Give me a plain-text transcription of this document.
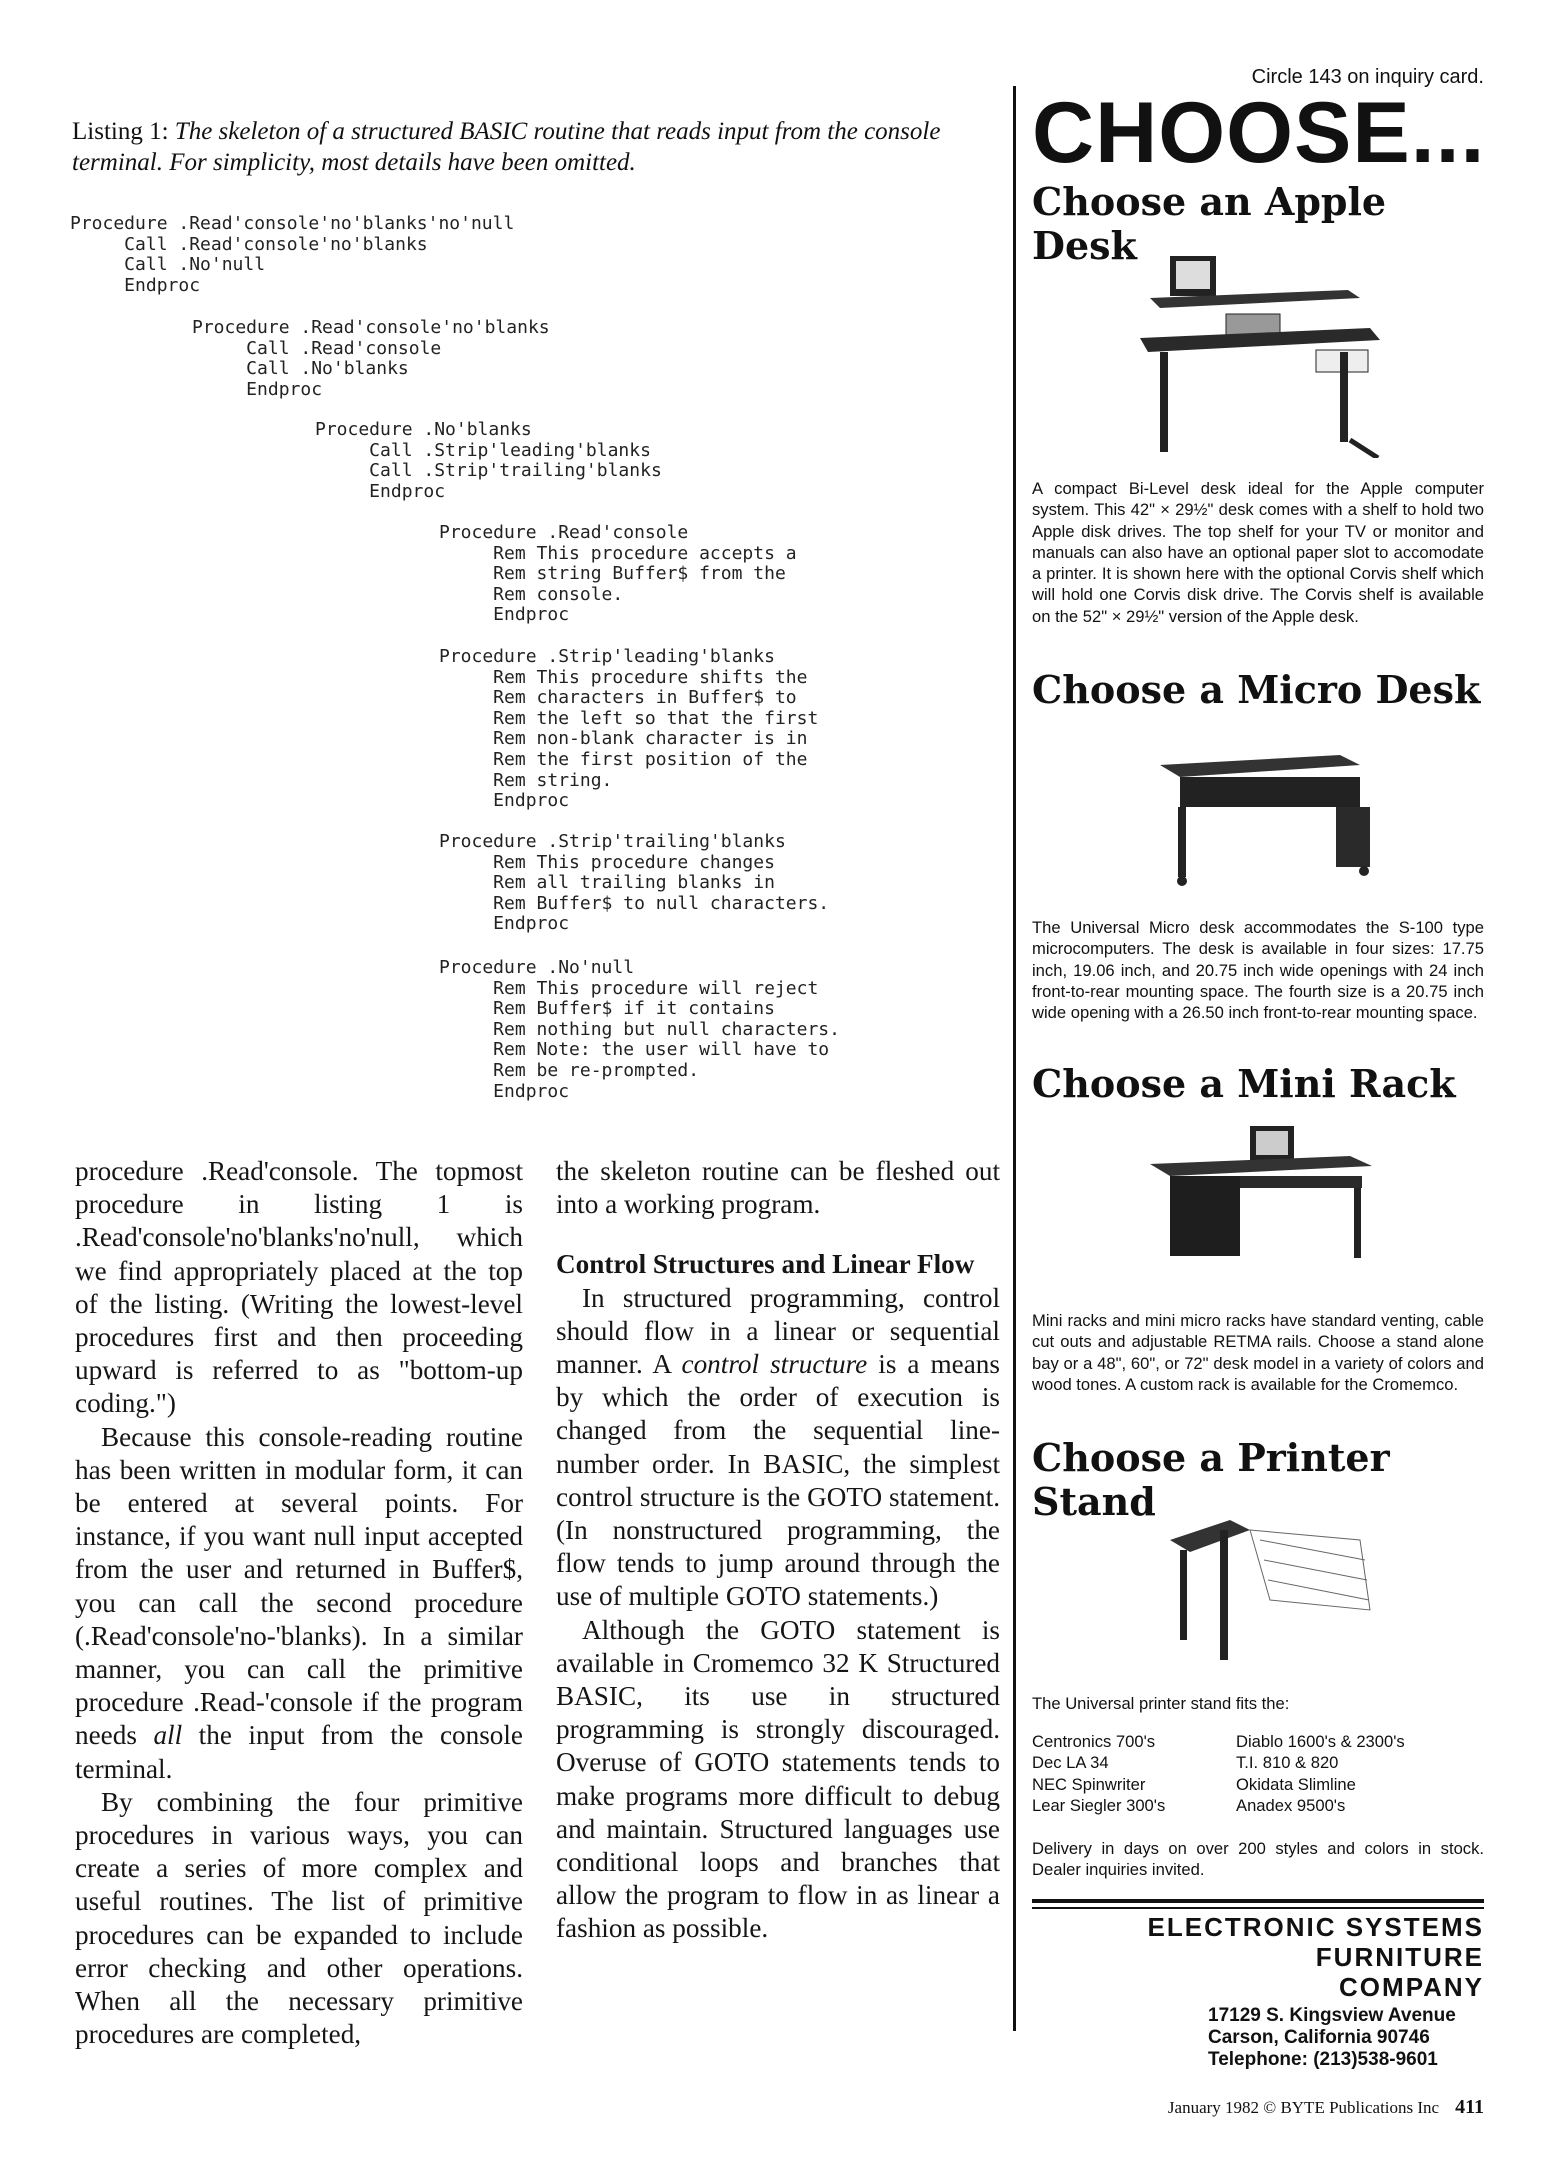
Listing 1: The skeleton of a structured BASIC routine that reads input from the console terminal. For simplicity, most details have been omitted.
Procedure .Read'console'no'blanks'no'null
Call .Read'console'no'blanks
Call .No'null
Endproc
Procedure .Read'console'no'blanks
Call .Read'console
Call .No'blanks
Endproc
Procedure .No'blanks
Call .Strip'leading'blanks
Call .Strip'trailing'blanks
Endproc
Procedure .Read'console
Rem This procedure accepts a
Rem string Buffer$ from the
Rem console.
Endproc
Procedure .Strip'leading'blanks
Rem This procedure shifts the
Rem characters in Buffer$ to
Rem the left so that the first
Rem non-blank character is in
Rem the first position of the
Rem string.
Endproc
Procedure .Strip'trailing'blanks
Rem This procedure changes
Rem all trailing blanks in
Rem Buffer$ to null characters.
Endproc
Procedure .No'null
Rem This procedure will reject
Rem Buffer$ if it contains
Rem nothing but null characters.
Rem Note: the user will have to
Rem be re-prompted.
Endproc

procedure .Read'console. The topmost procedure in listing 1 is .Read'console'no'blanks'no'null, which we find appropriately placed at the top of the listing. (Writing the lowest-level procedures first and then proceeding upward is referred to as "bottom-up coding.")

Because this console-reading routine has been written in modular form, it can be entered at several points. For instance, if you want null input accepted from the user and returned in Buffer$, you can call the second procedure (.Read'console'no-'blanks). In a similar manner, you can call the primitive procedure .Read-'console if the program needs all the input from the console terminal.

By combining the four primitive procedures in various ways, you can create a series of more complex and useful routines. The list of primitive procedures can be expanded to include error checking and other operations. When all the necessary primitive procedures are completed,

the skeleton routine can be fleshed out into a working program.

Control Structures and Linear Flow

In structured programming, control should flow in a linear or sequential manner. A control structure is a means by which the order of execution is changed from the sequential line-number order. In BASIC, the simplest control structure is the GOTO statement. (In nonstructured programming, the flow tends to jump around through the use of multiple GOTO statements.)

Although the GOTO statement is available in Cromemco 32 K Structured BASIC, its use in structured programming is strongly discouraged. Overuse of GOTO statements tends to make programs more difficult to debug and maintain. Structured languages use conditional loops and branches that allow the program to flow in as linear a fashion as possible.

Circle 143 on inquiry card.
CHOOSE...
Choose an Apple Desk
A compact Bi-Level desk ideal for the Apple computer system. This 42" × 29½" desk comes with a shelf to hold two Apple disk drives. The top shelf for your TV or monitor and manuals can also have an optional paper slot to accomodate a printer. It is shown here with the optional Corvis shelf which will hold one Corvis disk drive. The Corvis shelf is available on the 52" × 29½" version of the Apple desk.
Choose a Micro Desk
The Universal Micro desk accommodates the S-100 type microcomputers. The desk is available in four sizes: 17.75 inch, 19.06 inch, and 20.75 inch wide openings with 24 inch front-to-rear mounting space. The fourth size is a 20.75 inch wide opening with a 26.50 inch front-to-rear mounting space.
Choose a Mini Rack
Mini racks and mini micro racks have standard venting, cable cut outs and adjustable RETMA rails. Choose a stand alone bay or a 48", 60", or 72" desk model in a variety of colors and wood tones. A custom rack is available for the Cromemco.
Choose a Printer Stand
The Universal printer stand fits the:
Centronics 700's
Dec LA 34
NEC Spinwriter
Lear Siegler 300's
Diablo 1600's & 2300's
T.I. 810 & 820
Okidata Slimline
Anadex 9500's
Delivery in days on over 200 styles and colors in stock. Dealer inquiries invited.
ELECTRONIC SYSTEMS
FURNITURE
COMPANY
17129 S. Kingsview Avenue
Carson, California 90746
Telephone: (213)538-9601
January 1982 © BYTE Publications Inc 411
